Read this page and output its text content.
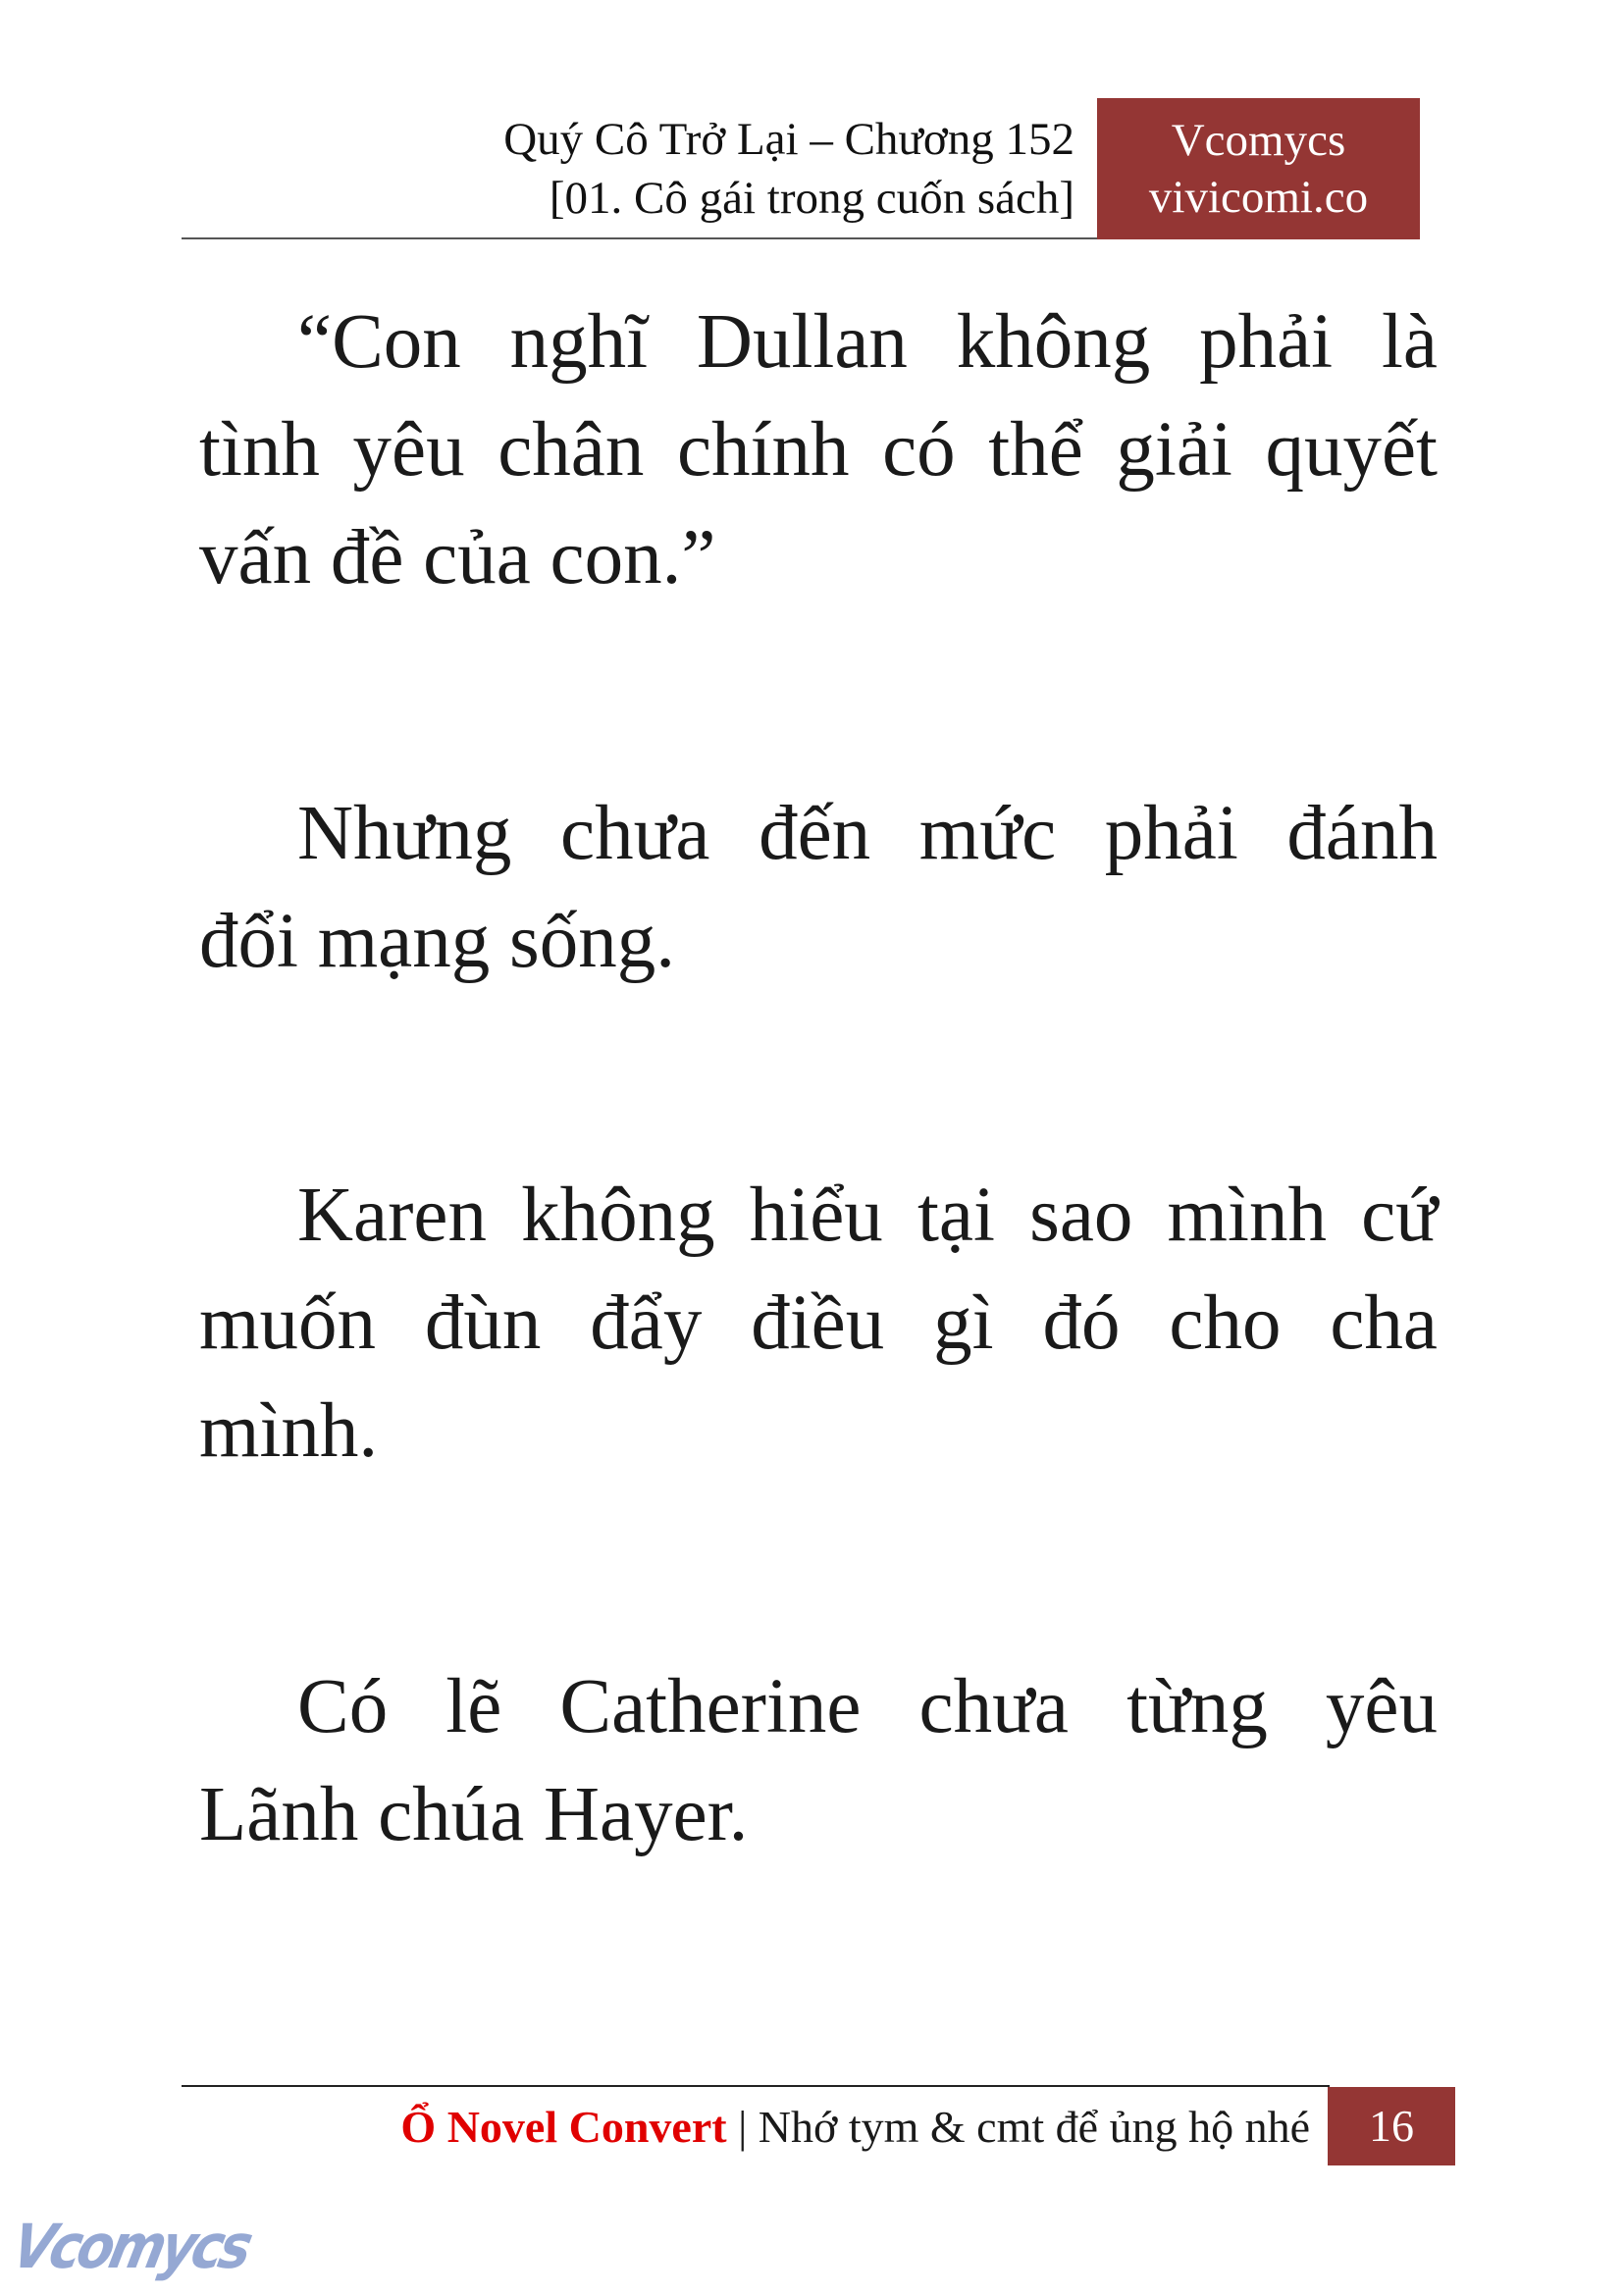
Quý Cô Trở Lại – Chương 152
[01. Cô gái trong cuốn sách]
Vcomycs
vivicomi.co
“Con nghĩ Dullan không phải là
tình yêu chân chính có thể giải quyết
vấn đề của con.”
Nhưng chưa đến mức phải đánh
đổi mạng sống.
Karen không hiểu tại sao mình cứ
muốn đùn đẩy điều gì đó cho cha
mình.
Có lẽ Catherine chưa từng yêu
Lãnh chúa Hayer.
Ổ Novel Convert | Nhớ tym & cmt để ủng hộ nhé	16
Vcomycs
